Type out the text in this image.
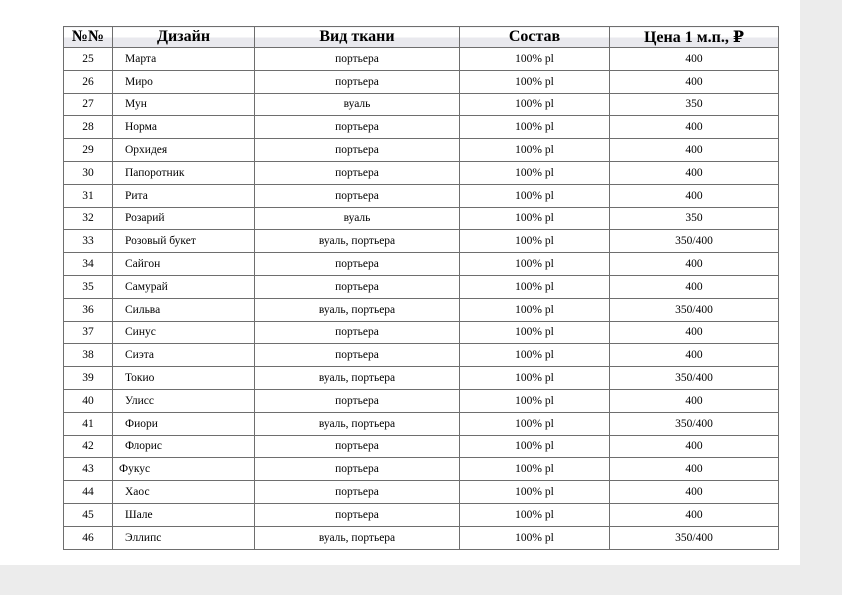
№№	Дизайн	Вид ткани	Состав	Цена 1 м.п., ₽
25	Марта	портьера	100% pl	400
26	Миро	портьера	100% pl	400
27	Мун	вуаль	100% pl	350
28	Норма	портьера	100% pl	400
29	Орхидея	портьера	100% pl	400
30	Папоротник	портьера	100% pl	400
31	Рита	портьера	100% pl	400
32	Розарий	вуаль	100% pl	350
33	Розовый букет	вуаль, портьера	100% pl	350/400
34	Сайгон	портьера	100% pl	400
35	Самурай	портьера	100% pl	400
36	Сильва	вуаль, портьера	100% pl	350/400
37	Синус	портьера	100% pl	400
38	Сиэта	портьера	100% pl	400
39	Токио	вуаль, портьера	100% pl	350/400
40	Улисс	портьера	100% pl	400
41	Фиори	вуаль, портьера	100% pl	350/400
42	Флорис	портьера	100% pl	400
43	Фукус	портьера	100% pl	400
44	Хаос	портьера	100% pl	400
45	Шале	портьера	100% pl	400
46	Эллипс	вуаль, портьера	100% pl	350/400
